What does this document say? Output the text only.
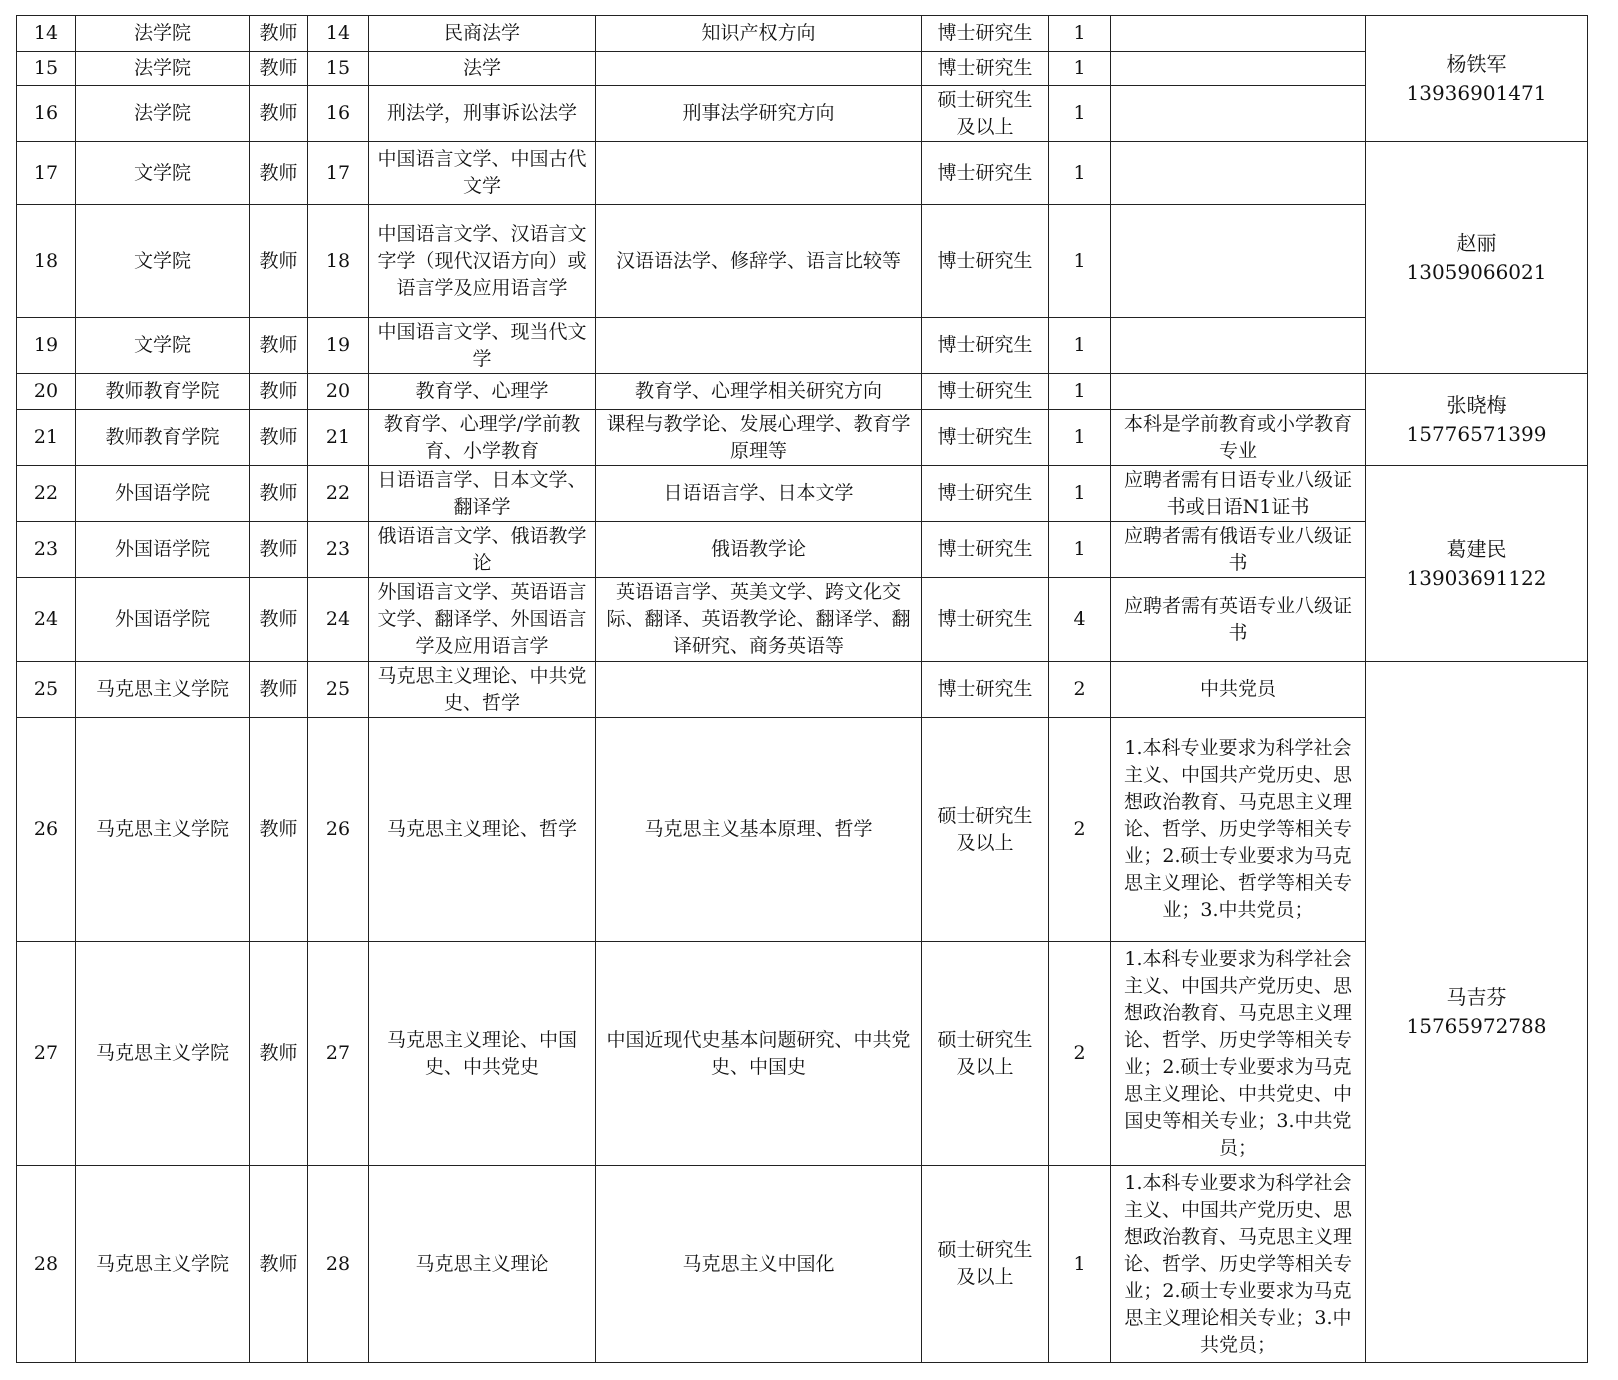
14	法学院	教师	14	民商法学	知识产权方向	博士研究生	1		杨铁军
13936901471

15	法学院	教师	15	法学		博士研究生	1		
16	法学院	教师	16	刑法学，刑事诉讼法学	刑事法学研究方向	硕士研究生及以上	1		
17	文学院	教师	17	中国语言文学、中国古代文学		博士研究生	1		赵丽
13059066021

18	文学院	教师	18	中国语言文学、汉语言文字学（现代汉语方向）或语言学及应用语言学	汉语语法学、修辞学、语言比较等	博士研究生	1		
19	文学院	教师	19	中国语言文学、现当代文学		博士研究生	1		
20	教师教育学院	教师	20	教育学、心理学	教育学、心理学相关研究方向	博士研究生	1		张晓梅
15776571399

21	教师教育学院	教师	21	教育学、心理学/学前教育、小学教育	课程与教学论、发展心理学、教育学原理等	博士研究生	1	本科是学前教育或小学教育专业	
22	外国语学院	教师	22	日语语言学、日本文学、翻译学	日语语言学、日本文学	博士研究生	1	应聘者需有日语专业八级证书或日语N1证书	葛建民
13903691122

23	外国语学院	教师	23	俄语语言文学、俄语教学论	俄语教学论	博士研究生	1	应聘者需有俄语专业八级证书	
24	外国语学院	教师	24	外国语言文学、英语语言文学、翻译学、外国语言学及应用语言学	英语语言学、英美文学、跨文化交际、翻译、英语教学论、翻译学、翻译研究、商务英语等	博士研究生	4	应聘者需有英语专业八级证书	
25	马克思主义学院	教师	25	马克思主义理论、中共党史、哲学		博士研究生	2	中共党员	马吉芬
15765972788

26	马克思主义学院	教师	26	马克思主义理论、哲学	马克思主义基本原理、哲学	硕士研究生及以上	2	1.本科专业要求为科学社会主义、中国共产党历史、思想政治教育、马克思主义理论、哲学、历史学等相关专业；2.硕士专业要求为马克思主义理论、哲学等相关专业；3.中共党员；	
27	马克思主义学院	教师	27	马克思主义理论、中国史、中共党史	中国近现代史基本问题研究、中共党史、中国史	硕士研究生及以上	2	1.本科专业要求为科学社会主义、中国共产党历史、思想政治教育、马克思主义理论、哲学、历史学等相关专业；2.硕士专业要求为马克思主义理论、中共党史、中国史等相关专业；3.中共党员；	
28	马克思主义学院	教师	28	马克思主义理论	马克思主义中国化	硕士研究生及以上	1	1.本科专业要求为科学社会主义、中国共产党历史、思想政治教育、马克思主义理论、哲学、历史学等相关专业；2.硕士专业要求为马克思主义理论相关专业；3.中共党员；	
